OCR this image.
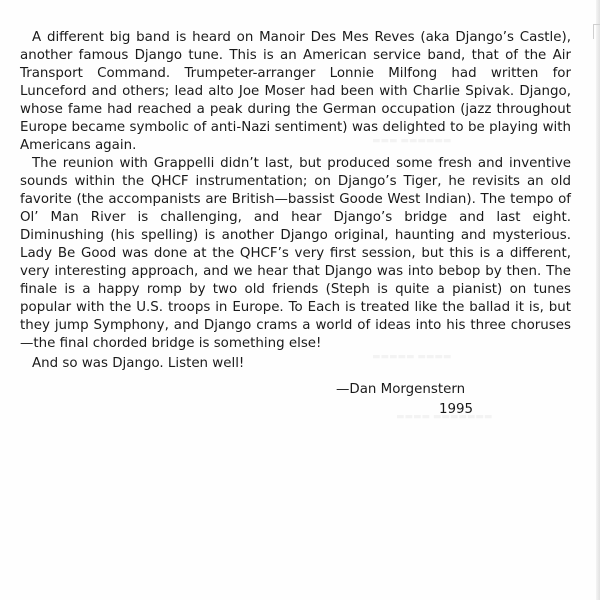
A different big band is heard on Manoir Des Mes Reves (aka Django’s Castle), another famous Django tune. This is an American service band, that of the Air Transport Command. Trumpeter-arranger Lonnie Milfong had written for Lunceford and others; lead alto Joe Moser had been with Charlie Spivak. Django, whose fame had reached a peak during the German occupation (jazz throughout Europe became symbolic of anti-Nazi sentiment) was delighted to be playing with Americans again.

The reunion with Grappelli didn’t last, but produced some fresh and inventive sounds within the QHCF instrumentation; on Django’s Tiger, he revisits an old favorite (the accompanists are British—bassist Goode West Indian). The tempo of Ol’ Man River is challenging, and hear Django’s bridge and last eight. Diminushing (his spelling) is another Django original, haunting and mysterious. Lady Be Good was done at the QHCF’s very first session, but this is a different, very interesting approach, and we hear that Django was into bebop by then. The finale is a happy romp by two old friends (Steph is quite a pianist) on tunes popular with the U.S. troops in Europe. To Each is treated like the ballad it is, but they jump Symphony, and Django crams a world of ideas into his three choruses—the final chorded bridge is something else!

And so was Django. Listen well!

—Dan Morgenstern
1995
